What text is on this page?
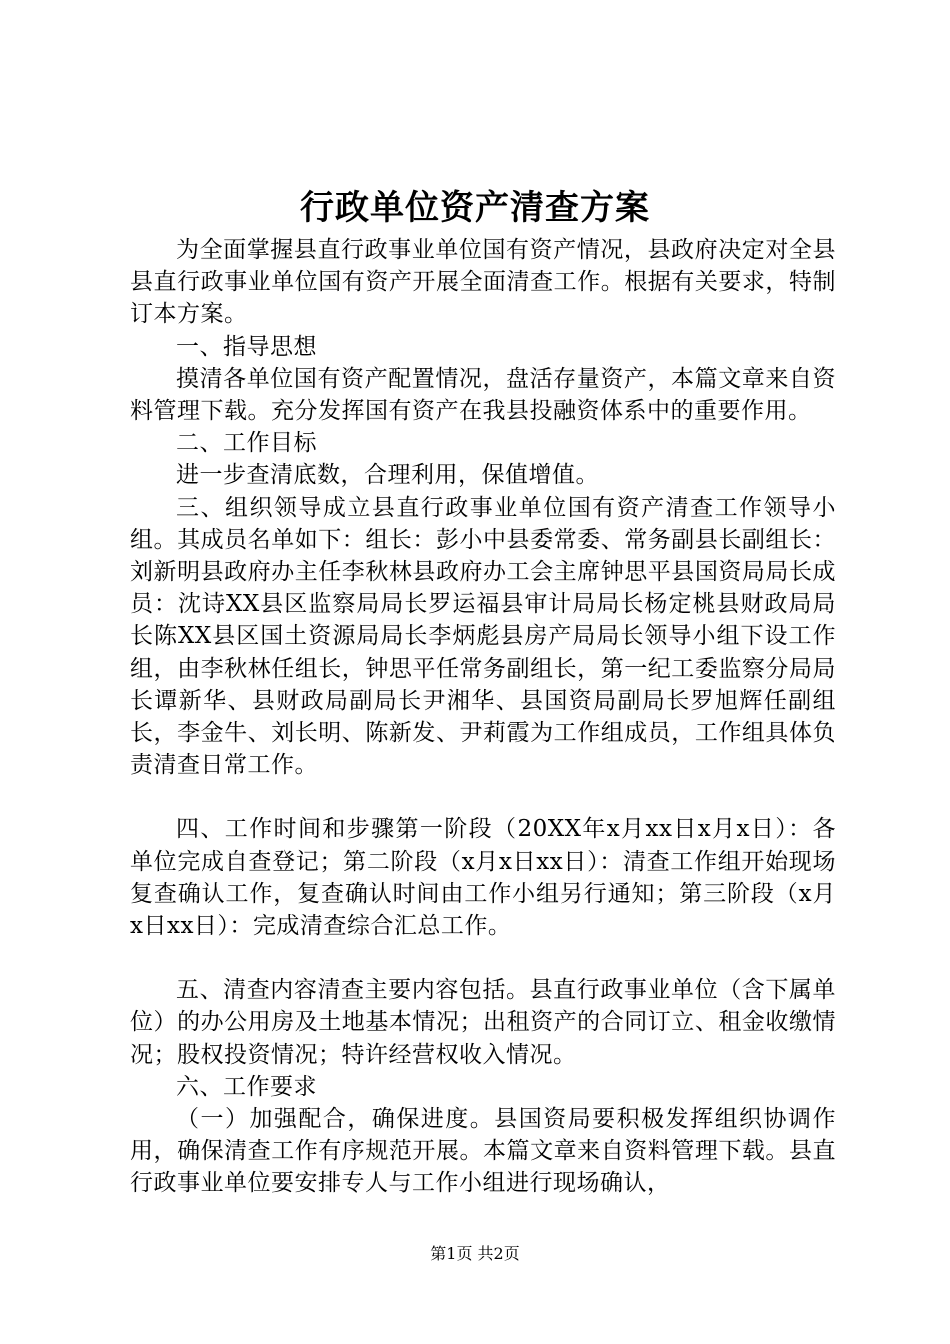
行政单位资产清查方案

为全面掌握县直行政事业单位国有资产情况，县政府决定对全县县直行政事业单位国有资产开展全面清查工作。根据有关要求，特制订本方案。

一、指导思想

摸清各单位国有资产配置情况，盘活存量资产，本篇文章来自资料管理下载。充分发挥国有资产在我县投融资体系中的重要作用。

二、工作目标

进一步查清底数，合理利用，保值增值。

三、组织领导成立县直行政事业单位国有资产清查工作领导小组。其成员名单如下：组长：彭小中县委常委、常务副县长副组长：刘新明县政府办主任李秋林县政府办工会主席钟思平县国资局局长成员：沈诗XX县区监察局局长罗运福县审计局局长杨定桃县财政局局长陈XX县区国土资源局局长李炳彪县房产局局长领导小组下设工作组，由李秋林任组长，钟思平任常务副组长，第一纪工委监察分局局长谭新华、县财政局副局长尹湘华、县国资局副局长罗旭辉任副组长，李金牛、刘长明、陈新发、尹莉霞为工作组成员，工作组具体负责清查日常工作。

四、工作时间和步骤第一阶段（20XX年x月xx日x月x日）：各单位完成自查登记；第二阶段（x月x日xx日）：清查工作组开始现场复查确认工作，复查确认时间由工作小组另行通知；第三阶段（x月x日xx日）：完成清查综合汇总工作。

五、清查内容清查主要内容包括。县直行政事业单位（含下属单位）的办公用房及土地基本情况；出租资产的合同订立、租金收缴情况；股权投资情况；特许经营权收入情况。

六、工作要求

（一）加强配合，确保进度。县国资局要积极发挥组织协调作用，确保清查工作有序规范开展。本篇文章来自资料管理下载。县直行政事业单位要安排专人与工作小组进行现场确认，

第1页 共2页
